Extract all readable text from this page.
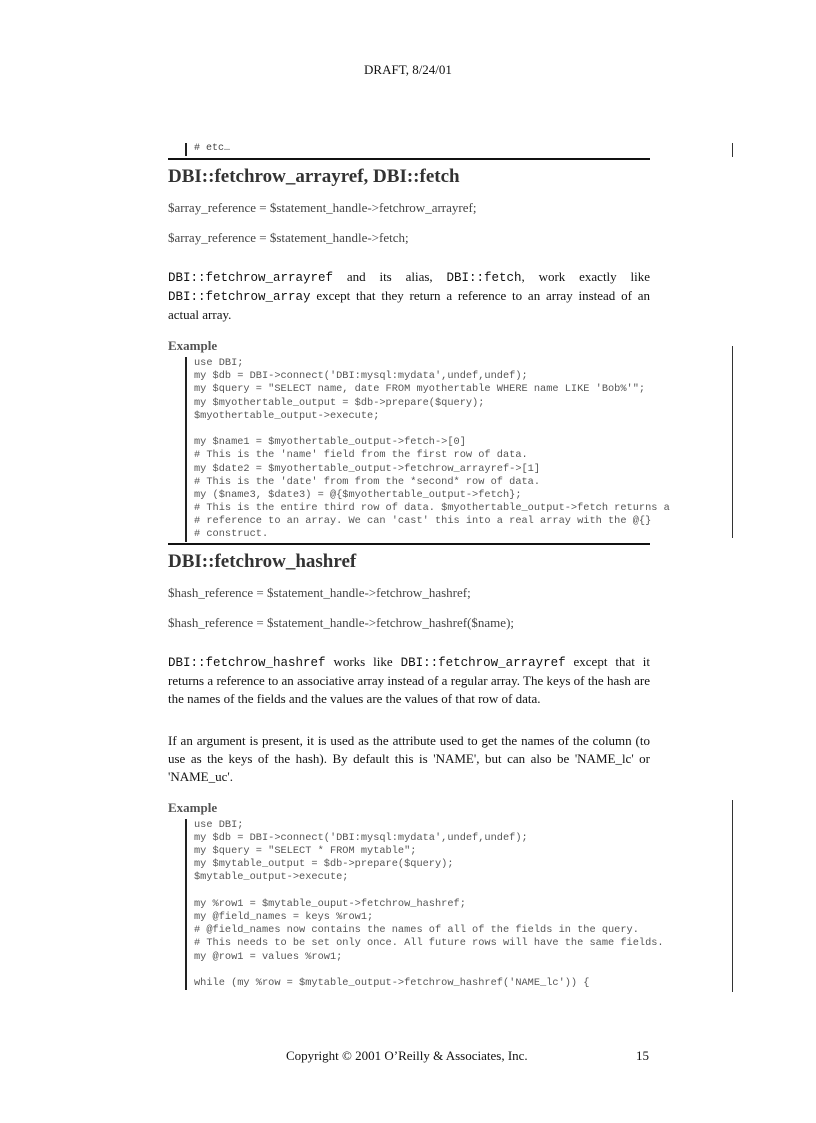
DRAFT, 8/24/01
# etc…
DBI::fetchrow_arrayref, DBI::fetch
$array_reference = $statement_handle->fetchrow_arrayref;
$array_reference = $statement_handle->fetch;

DBI::fetchrow_arrayref and its alias, DBI::fetch, work exactly like DBI::fetchrow_array except that they return a reference to an array instead of an actual array.

Example
use DBI;
my $db = DBI->connect('DBI:mysql:mydata',undef,undef);
my $query = "SELECT name, date FROM myothertable WHERE name LIKE 'Bob%'";
my $myothertable_output = $db->prepare($query);
$myothertable_output->execute;
my $name1 = $myothertable_output->fetch->[0]
# This is the 'name' field from the first row of data.
my $date2 = $myothertable_output->fetchrow_arrayref->[1]
# This is the 'date' from from the *second* row of data.
my ($name3, $date3) = @{$myothertable_output->fetch};
# This is the entire third row of data. $myothertable_output->fetch returns a
# reference to an array. We can 'cast' this into a real array with the @{}
# construct.
DBI::fetchrow_hashref
$hash_reference = $statement_handle->fetchrow_hashref;
$hash_reference = $statement_handle->fetchrow_hashref($name);

DBI::fetchrow_hashref works like DBI::fetchrow_arrayref except that it returns a reference to an associative array instead of a regular array. The keys of the hash are the names of the fields and the values are the values of that row of data.

If an argument is present, it is used as the attribute used to get the names of the column (to use as the keys of the hash). By default this is 'NAME', but can also be 'NAME_lc' or 'NAME_uc'.

Example
use DBI;
my $db = DBI->connect('DBI:mysql:mydata',undef,undef);
my $query = "SELECT * FROM mytable";
my $mytable_output = $db->prepare($query);
$mytable_output->execute;
my %row1 = $mytable_ouput->fetchrow_hashref;
my @field_names = keys %row1;
# @field_names now contains the names of all of the fields in the query.
# This needs to be set only once. All future rows will have the same fields.
my @row1 = values %row1;
while (my %row = $mytable_output->fetchrow_hashref('NAME_lc')) {
Copyright © 2001 O’Reilly & Associates, Inc.	15
